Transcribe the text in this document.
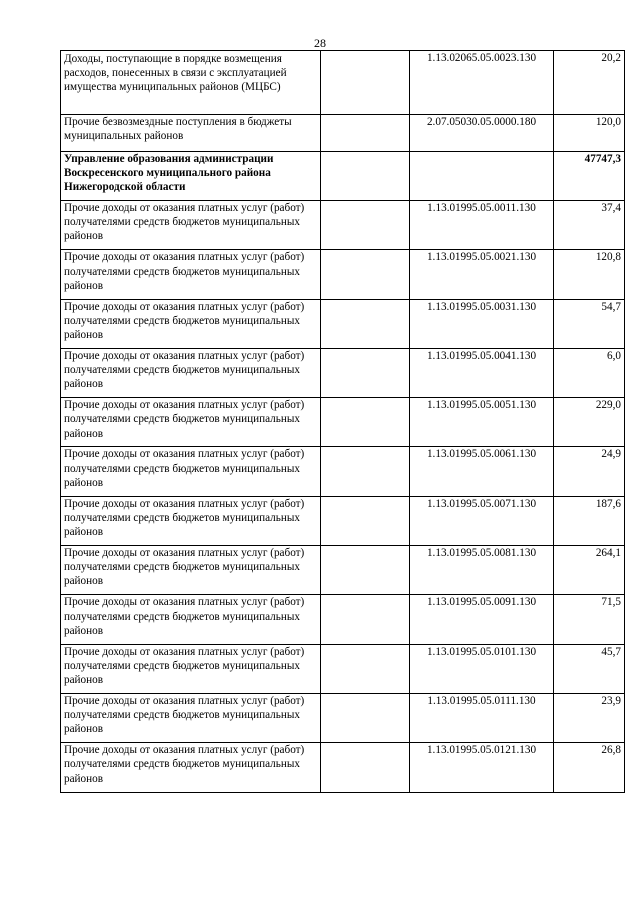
28
Доходы, поступающие в порядке возмещения расходов, понесенных в связи с эксплуатацией имущества муниципальных районов (МЦБС)		1.13.02065.05.0023.130	20,2
Прочие безвозмездные поступления в бюджеты муниципальных районов		2.07.05030.05.0000.180	120,0
Управление образования администрации Воскресенского муниципального района Нижегородской области			47747,3
Прочие доходы от оказания платных услуг (работ) получателями средств бюджетов муниципальных районов		1.13.01995.05.0011.130	37,4
Прочие доходы от оказания платных услуг (работ) получателями средств бюджетов муниципальных районов		1.13.01995.05.0021.130	120,8
Прочие доходы от оказания платных услуг (работ) получателями средств бюджетов муниципальных районов		1.13.01995.05.0031.130	54,7
Прочие доходы от оказания платных услуг (работ) получателями средств бюджетов муниципальных районов		1.13.01995.05.0041.130	6,0
Прочие доходы от оказания платных услуг (работ) получателями средств бюджетов муниципальных районов		1.13.01995.05.0051.130	229,0
Прочие доходы от оказания платных услуг (работ) получателями средств бюджетов муниципальных районов		1.13.01995.05.0061.130	24,9
Прочие доходы от оказания платных услуг (работ) получателями средств бюджетов муниципальных районов		1.13.01995.05.0071.130	187,6
Прочие доходы от оказания платных услуг (работ) получателями средств бюджетов муниципальных районов		1.13.01995.05.0081.130	264,1
Прочие доходы от оказания платных услуг (работ) получателями средств бюджетов муниципальных районов		1.13.01995.05.0091.130	71,5
Прочие доходы от оказания платных услуг (работ) получателями средств бюджетов муниципальных районов		1.13.01995.05.0101.130	45,7
Прочие доходы от оказания платных услуг (работ) получателями средств бюджетов муниципальных районов		1.13.01995.05.0111.130	23,9
Прочие доходы от оказания платных услуг (работ) получателями средств бюджетов муниципальных районов		1.13.01995.05.0121.130	26,8
